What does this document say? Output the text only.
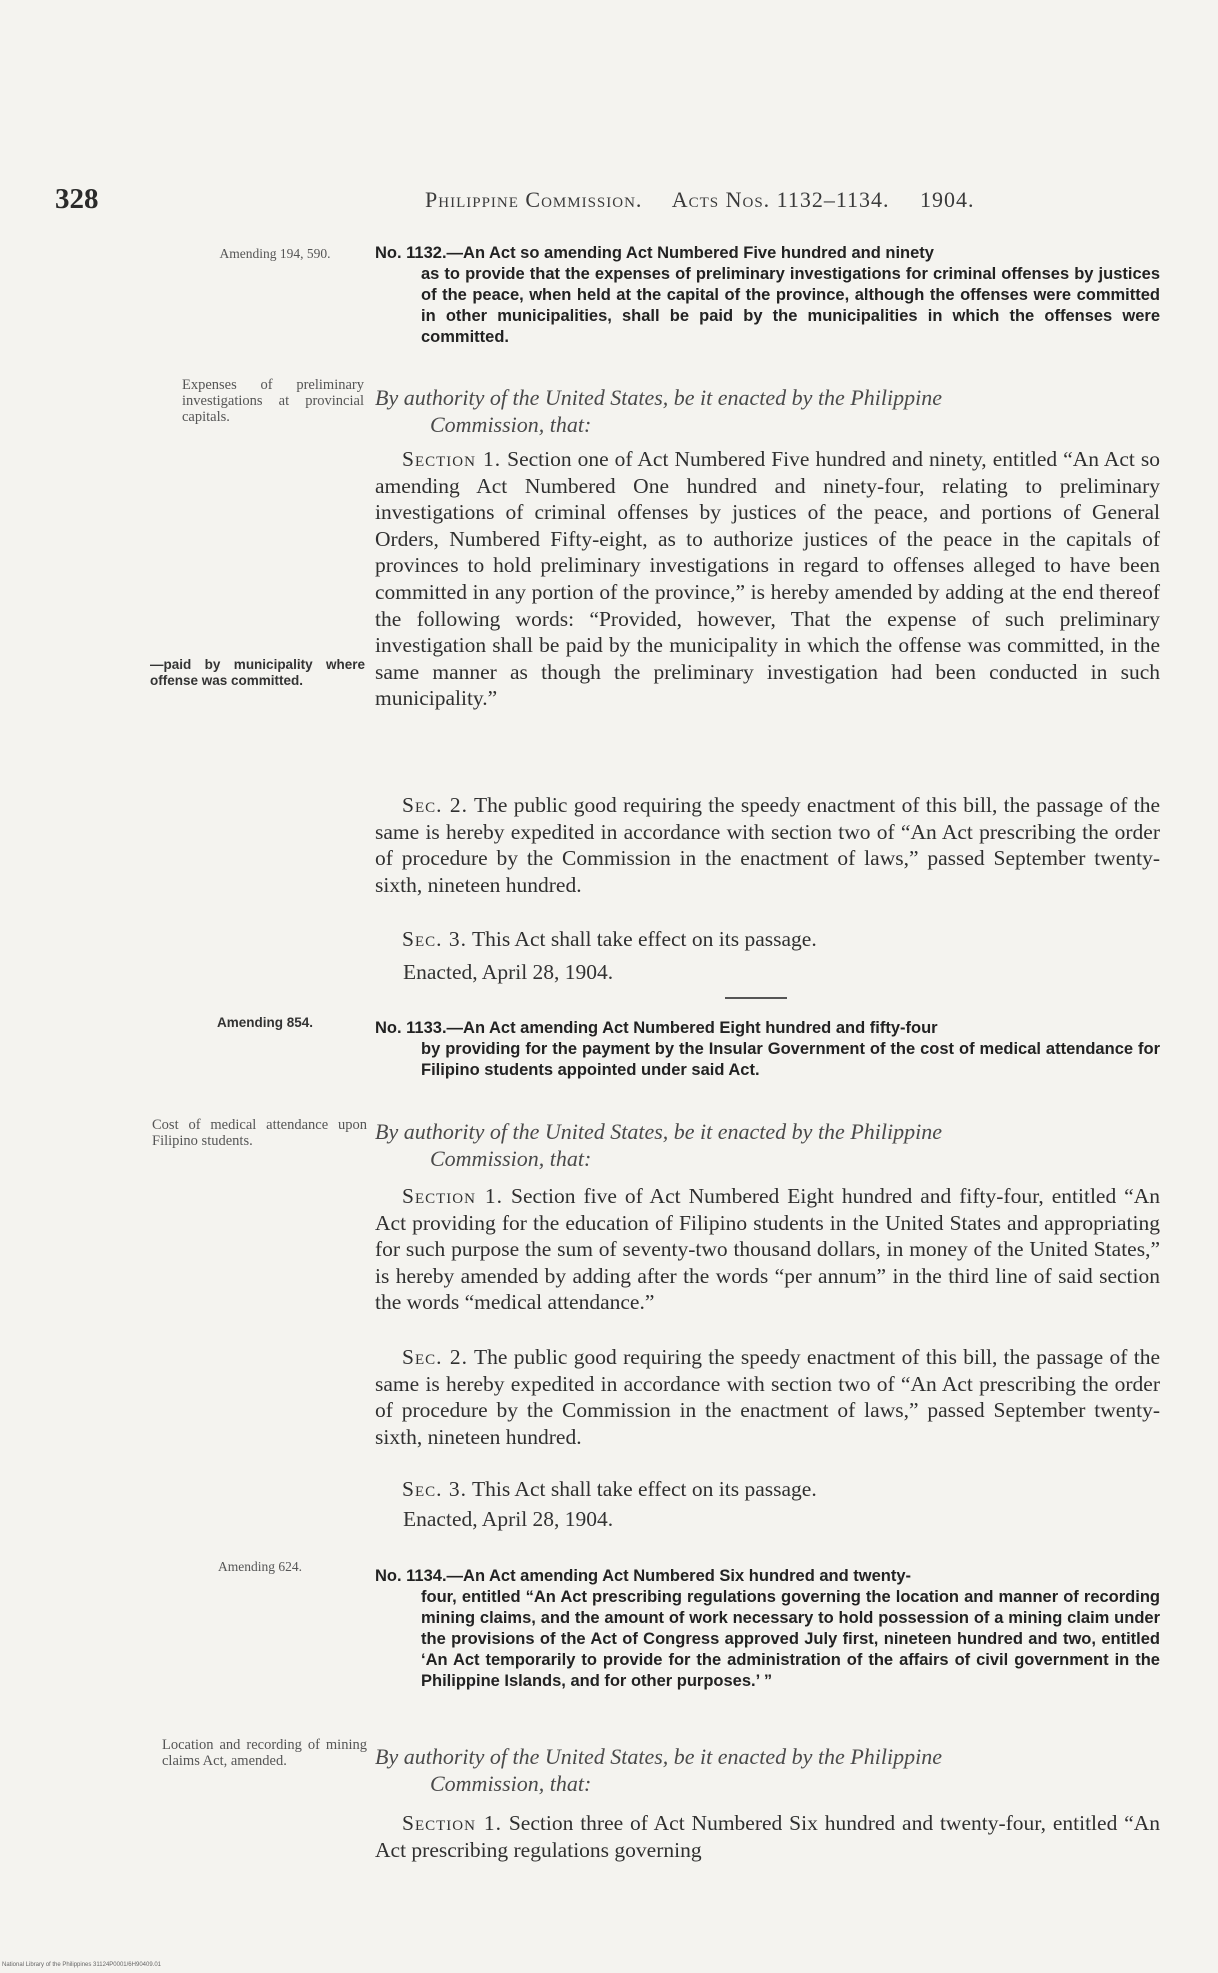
328	Philippine Commission. Acts Nos. 1132–1134. 1904.
Amending 194, 590.	No. 1132.—An Act so amending Act Numbered Five hundred and ninety
as to provide that the expenses of preliminary investigations for criminal offenses by justices of the peace, when held at the capital of the province, although the offenses were committed in other municipalities, shall be paid by the municipalities in which the offenses were committed.
Expenses of preliminary investigations at provincial capitals.
By authority of the United States, be it enacted by the Philippine
Commission, that:
Section 1. Section one of Act Numbered Five hundred and ninety, entitled “An Act so amending Act Numbered One hundred and ninety-four, relating to preliminary investigations of criminal offenses by justices of the peace, and portions of General Orders, Numbered Fifty-eight, as to authorize justices of the peace in the capitals of provinces to hold preliminary investigations in regard to offenses alleged to have been committed in any portion of the province,” is hereby amended by adding at the end thereof the following words: “Provided, however, That the expense of such preliminary investigation shall be paid by the municipality in which the offense was committed, in the same manner as though the preliminary investigation had been conducted in such municipality.”
—paid by municipality where offense was committed.
Sec. 2. The public good requiring the speedy enactment of this bill, the passage of the same is hereby expedited in accordance with section two of “An Act prescribing the order of procedure by the Commission in the enactment of laws,” passed September twenty-sixth, nineteen hundred.
Sec. 3. This Act shall take effect on its passage.
Enacted, April 28, 1904.
Amending 854.	No. 1133.—An Act amending Act Numbered Eight hundred and fifty-four
by providing for the payment by the Insular Government of the cost of medical attendance for Filipino students appointed under said Act.
Cost of medical attendance upon Filipino students.	By authority of the United States, be it enacted by the Philippine
Commission, that:
Section 1. Section five of Act Numbered Eight hundred and fifty-four, entitled “An Act providing for the education of Filipino students in the United States and appropriating for such purpose the sum of seventy-two thousand dollars, in money of the United States,” is hereby amended by adding after the words “per annum” in the third line of said section the words “medical attendance.”
Sec. 2. The public good requiring the speedy enactment of this bill, the passage of the same is hereby expedited in accordance with section two of “An Act prescribing the order of procedure by the Commission in the enactment of laws,” passed September twenty-sixth, nineteen hundred.
Sec. 3. This Act shall take effect on its passage.
Enacted, April 28, 1904.
Amending 624.
No. 1134.—An Act amending Act Numbered Six hundred and twenty-
four, entitled “An Act prescribing regulations governing the location and manner of recording mining claims, and the amount of work necessary to hold possession of a mining claim under the provisions of the Act of Congress approved July first, nineteen hundred and two, entitled ‘An Act temporarily to provide for the administration of the affairs of civil government in the Philippine Islands, and for other purposes.’ ”
Location and recording of mining claims Act, amended.	By authority of the United States, be it enacted by the Philippine
Commission, that:
Section 1. Section three of Act Numbered Six hundred and twenty-four, entitled “An Act prescribing regulations governing
National Library of the Philippines 31124P0001/6H90409.01
